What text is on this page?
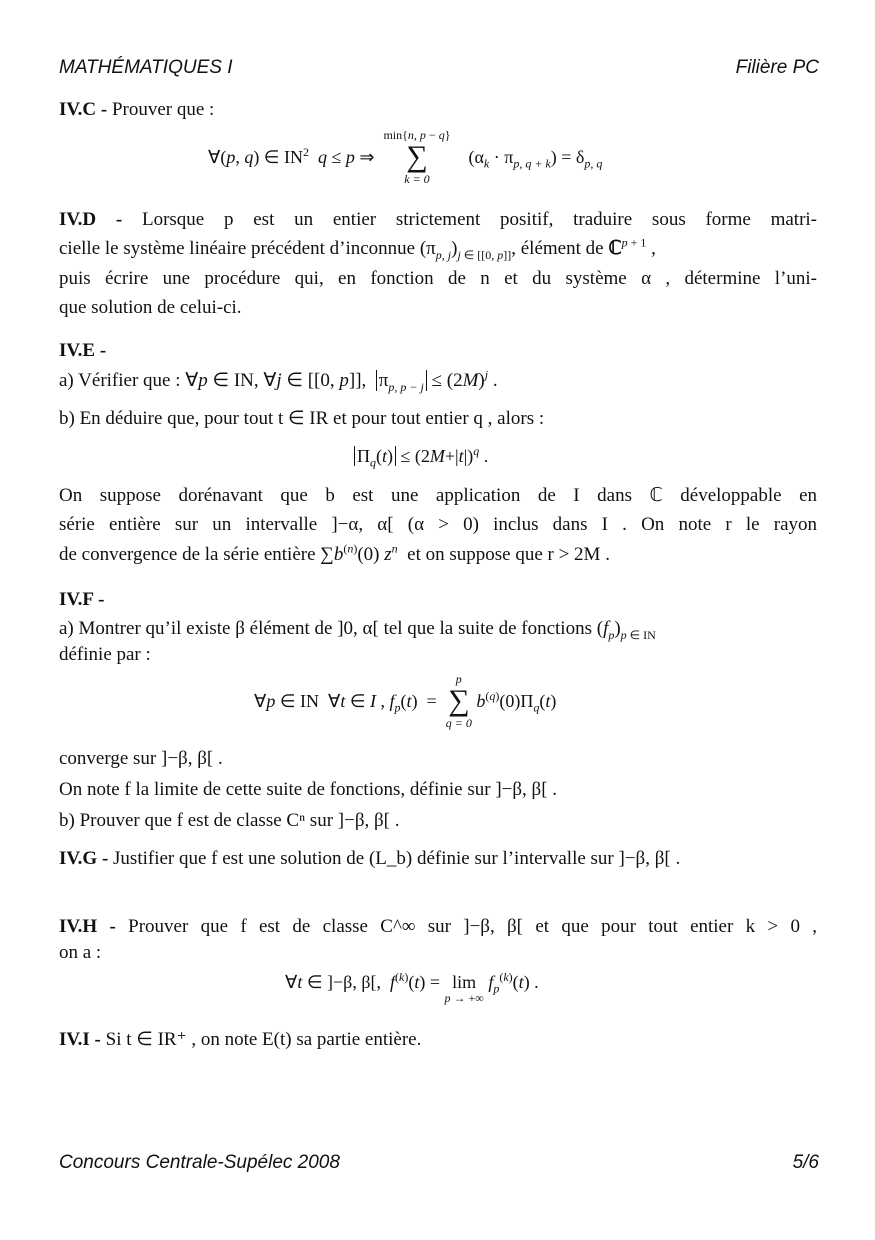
MATHÉMATIQUES I	Filière PC
IV.C - Prouver que :
∀(p, q) ∈ $IN^2$ q ≤ p ⇒
min{n, p − q}
∑
k = 0
$(\alpha_k \cdot \pi_{p, q + k}) = \delta_{p, q}$
IV.D - Lorsque p est un entier strictement positif, traduire sous forme matri-
cielle le système linéaire précédent d’inconnue $(\pi_{p, j})_{j \in [[0, p]]}$, élément de ℂ$^{p + 1}$ ,
puis écrire une procédure qui, en fonction de n et du système α , détermine l’uni-
que solution de celui-ci.
IV.E -
a) Vérifier que : ∀p ∈ IN, ∀j ∈ [[0, p]],  $\pi_{p, p - j} \le (2M)^j$ .
b) En déduire que, pour tout t ∈ IR et pour tout entier q , alors :
$\Pi_q(t) \le (2M+|t|)^q$ .
On suppose dorénavant que b est une application de I dans ℂ développable en
série entière sur un intervalle ]−α, α[ (α > 0) inclus dans I . On note r le rayon
de convergence de la série entière $\sum b^{(n)}(0)$ $z^n$ et on suppose que r > 2M .
IV.F -
a) Montrer qu’il existe β élément de ]0, α[ tel que la suite de fonctions $(f_p)_{p \in IN}$
définie par :
∀p ∈ IN  ∀t ∈ I , $f_p(t)$  =
p
∑
q = 0
$b^{(q)}(0)\Pi_q(t)$
converge sur ]−β, β[ .
On note f la limite de cette suite de fonctions, définie sur ]−β, β[ .
b) Prouver que f est de classe Cⁿ sur ]−β, β[ .
IV.G - Justifier que f est une solution de (L_b) définie sur l’intervalle sur ]−β, β[ .
IV.H - Prouver que f est de classe C^∞ sur ]−β, β[ et que pour tout entier k > 0 ,
on a :
∀t ∈ ]−β, β[,  $f^{(k)}(t) = \lim$
p → +∞
$f_p^{(k)}(t)$ .
IV.I - Si t ∈ IR⁺ , on note E(t) sa partie entière.
Concours Centrale-Supélec 2008	5/6
